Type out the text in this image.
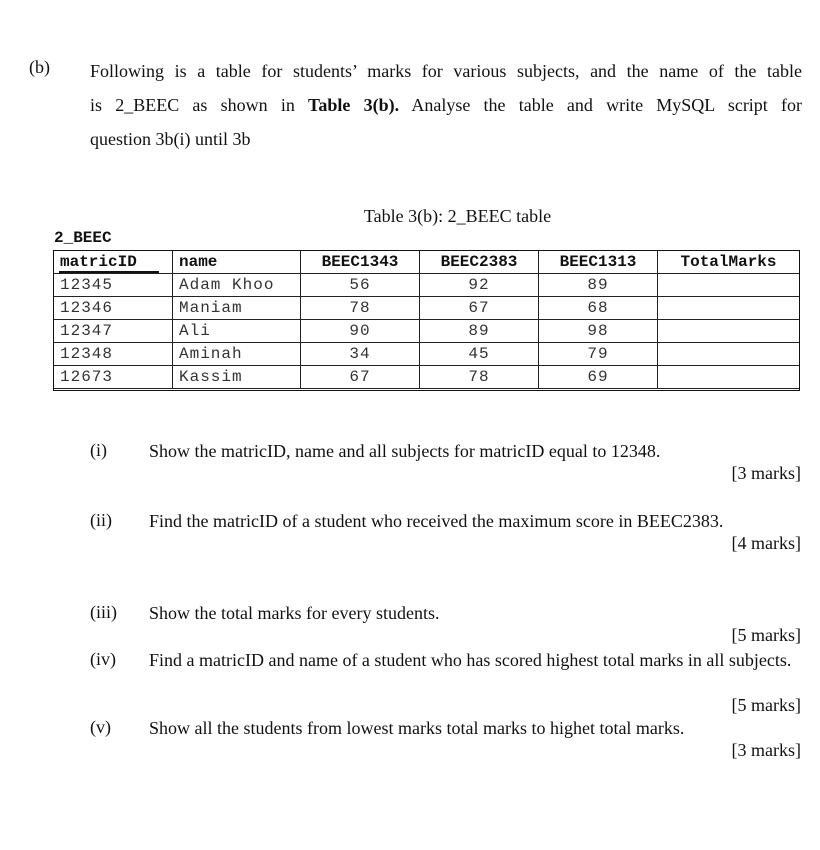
(b) Following is a table for students’ marks for various subjects, and the name of the table
is 2_BEEC as shown in Table 3(b). Analyse the table and write MySQL script for
question 3b(i) until 3b
Table 3(b): 2_BEEC table
2_BEEC
matricID	name	BEEC1343	BEEC2383	BEEC1313	TotalMarks
12345	Adam Khoo	56	92	89	
12346	Maniam	78	67	68	
12347	Ali	90	89	98	
12348	Aminah	34	45	79	
12673	Kassim	67	78	69	
(i) Show the matricID, name and all subjects for matricID equal to 12348.
[3 marks]
(ii) Find the matricID of a student who received the maximum score in BEEC2383.
[4 marks]
(iii) Show the total marks for every students.
[5 marks]
(iv) Find a matricID and name of a student who has scored highest total marks in all subjects.
[5 marks]
(v) Show all the students from lowest marks total marks to highet total marks.
[3 marks]
